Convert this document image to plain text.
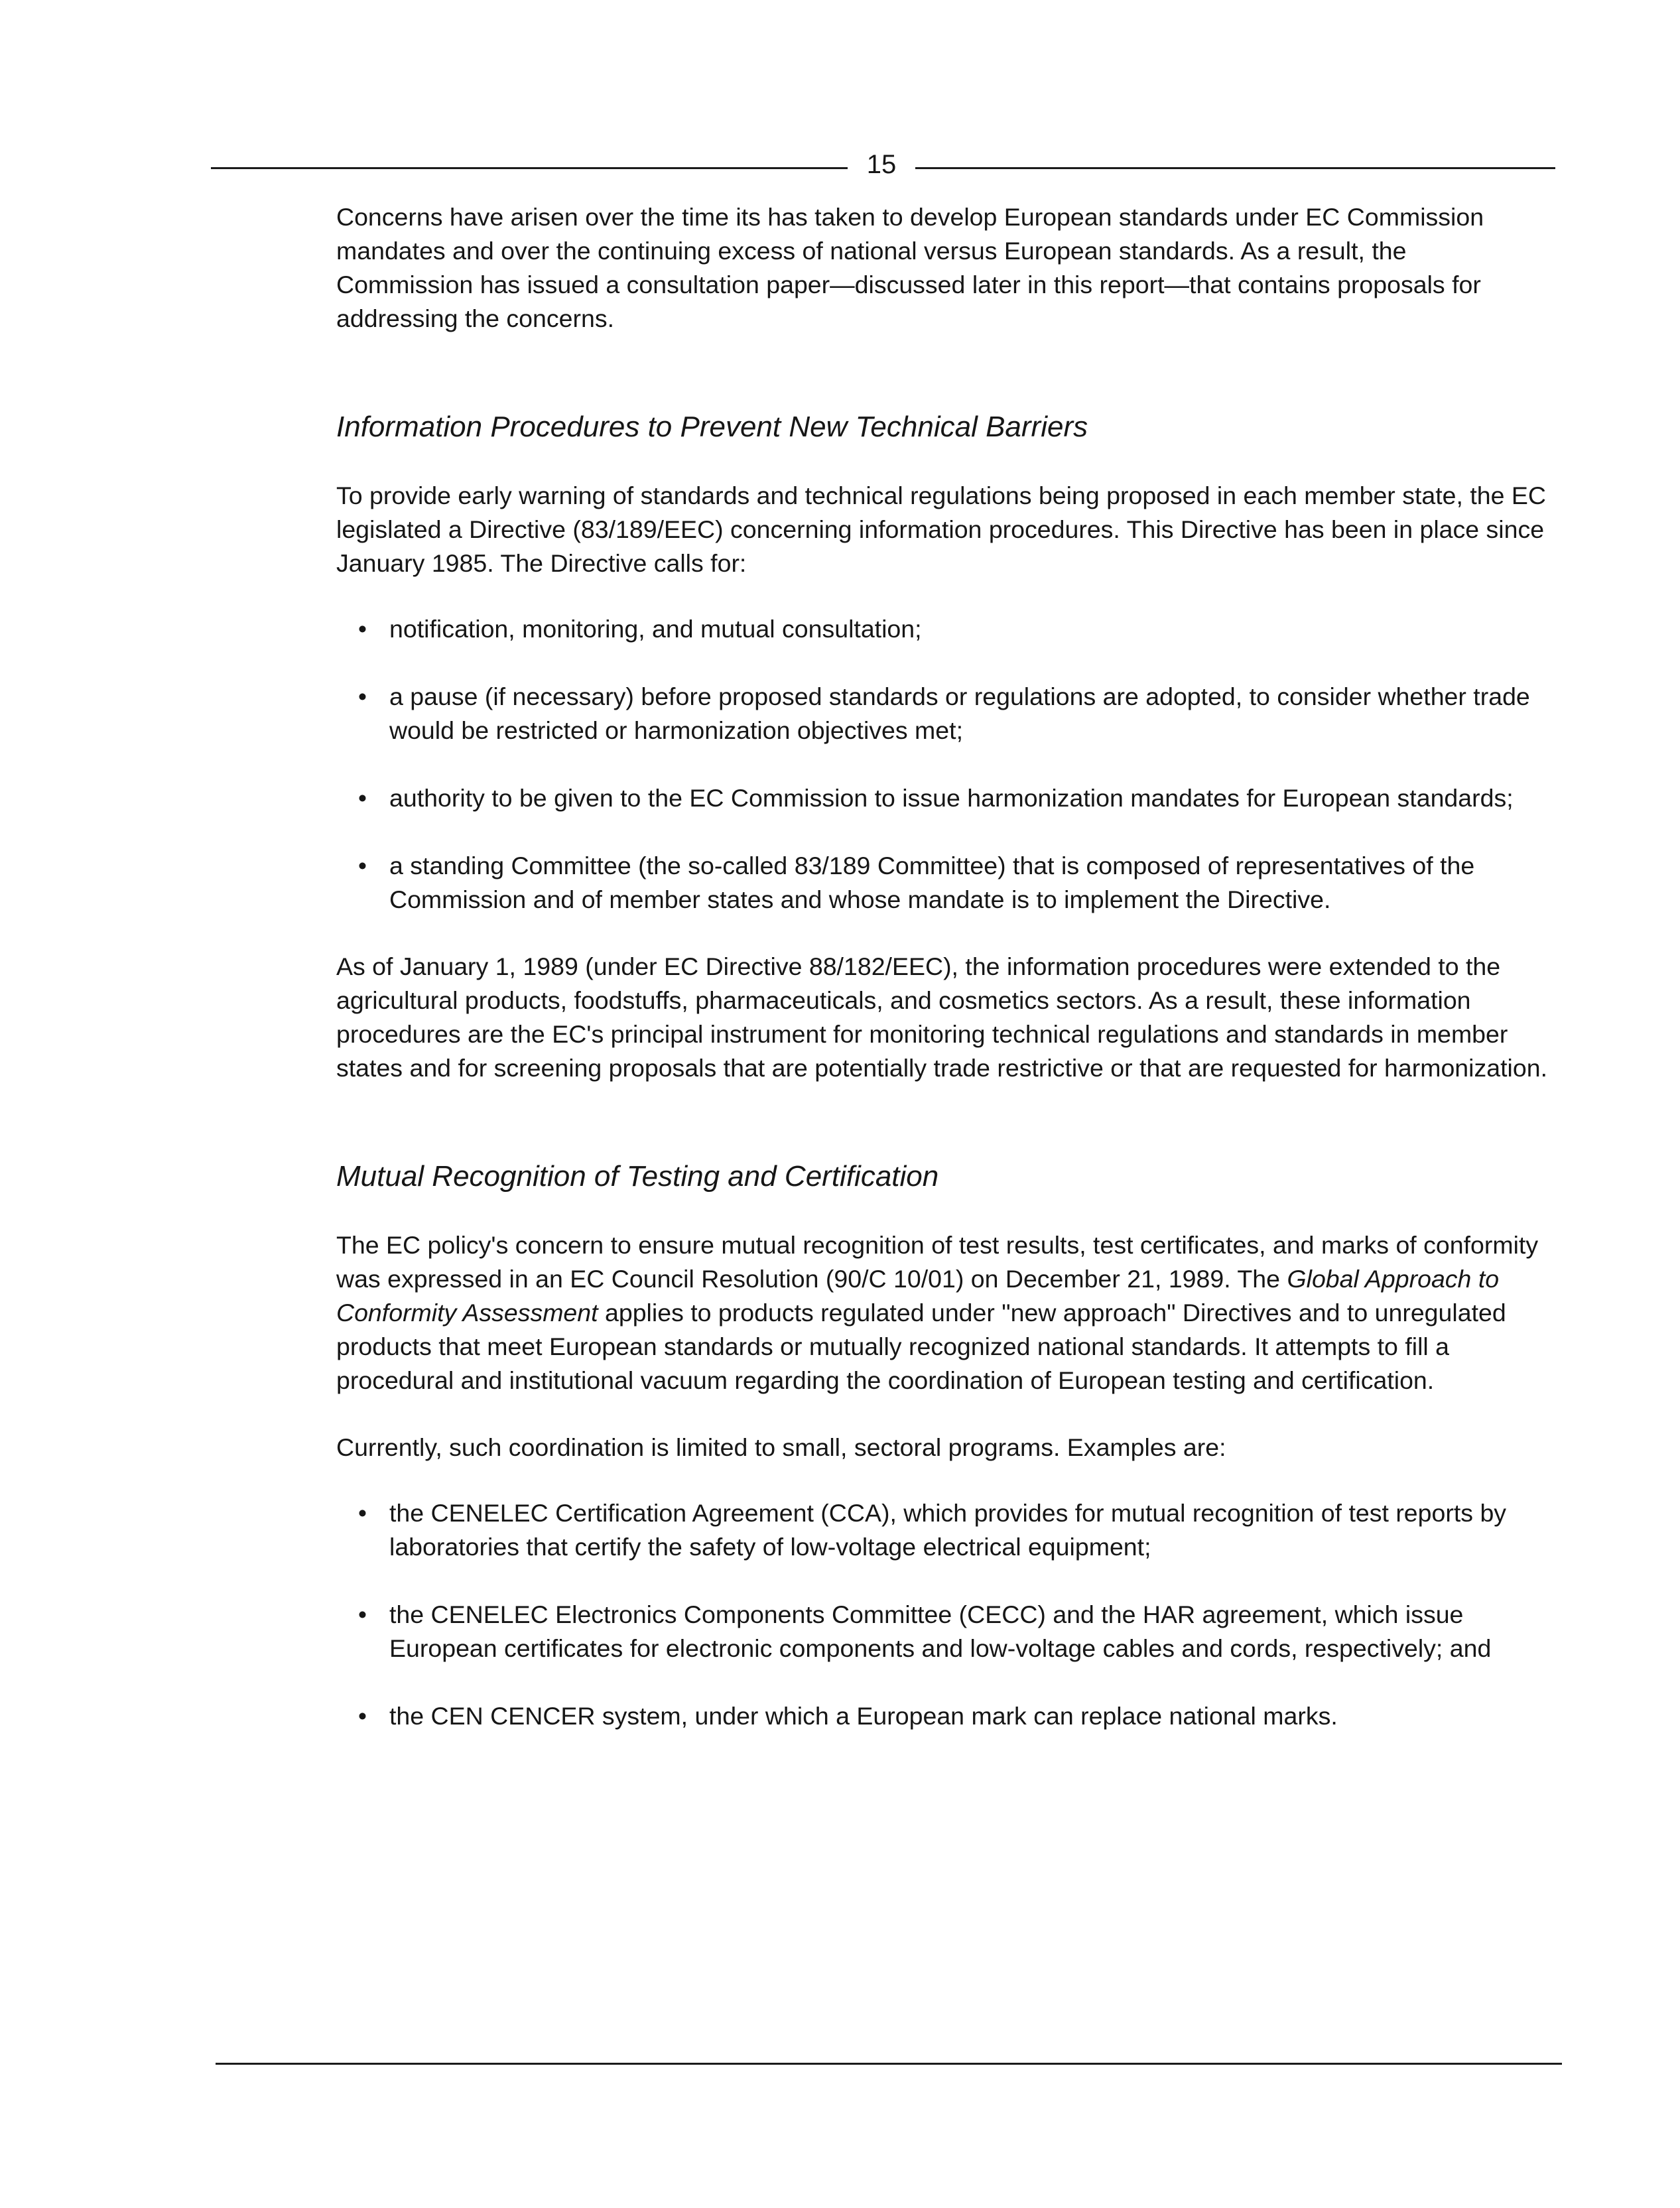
15

Concerns have arisen over the time its has taken to develop European standards under EC Commission mandates and over the continuing excess of national versus European standards. As a result, the Commission has issued a consultation paper—discussed later in this report—that contains proposals for addressing the concerns.

Information Procedures to Prevent New Technical Barriers

To provide early warning of standards and technical regulations being proposed in each member state, the EC legislated a Directive (83/189/EEC) concerning information procedures. This Directive has been in place since January 1985. The Directive calls for:

• notification, monitoring, and mutual consultation;
• a pause (if necessary) before proposed standards or regulations are adopted, to consider whether trade would be restricted or harmonization objectives met;
• authority to be given to the EC Commission to issue harmonization mandates for European standards;
• a standing Committee (the so-called 83/189 Committee) that is composed of representatives of the Commission and of member states and whose mandate is to implement the Directive.

As of January 1, 1989 (under EC Directive 88/182/EEC), the information procedures were extended to the agricultural products, foodstuffs, pharmaceuticals, and cosmetics sectors. As a result, these information procedures are the EC's principal instrument for monitoring technical regulations and standards in member states and for screening proposals that are potentially trade restrictive or that are requested for harmonization.

Mutual Recognition of Testing and Certification

The EC policy's concern to ensure mutual recognition of test results, test certificates, and marks of conformity was expressed in an EC Council Resolution (90/C 10/01) on December 21, 1989. The Global Approach to Conformity Assessment applies to products regulated under "new approach" Directives and to unregulated products that meet European standards or mutually recognized national standards. It attempts to fill a procedural and institutional vacuum regarding the coordination of European testing and certification.

Currently, such coordination is limited to small, sectoral programs. Examples are:

• the CENELEC Certification Agreement (CCA), which provides for mutual recognition of test reports by laboratories that certify the safety of low-voltage electrical equipment;
• the CENELEC Electronics Components Committee (CECC) and the HAR agreement, which issue European certificates for electronic components and low-voltage cables and cords, respectively; and
• the CEN CENCER system, under which a European mark can replace national marks.
